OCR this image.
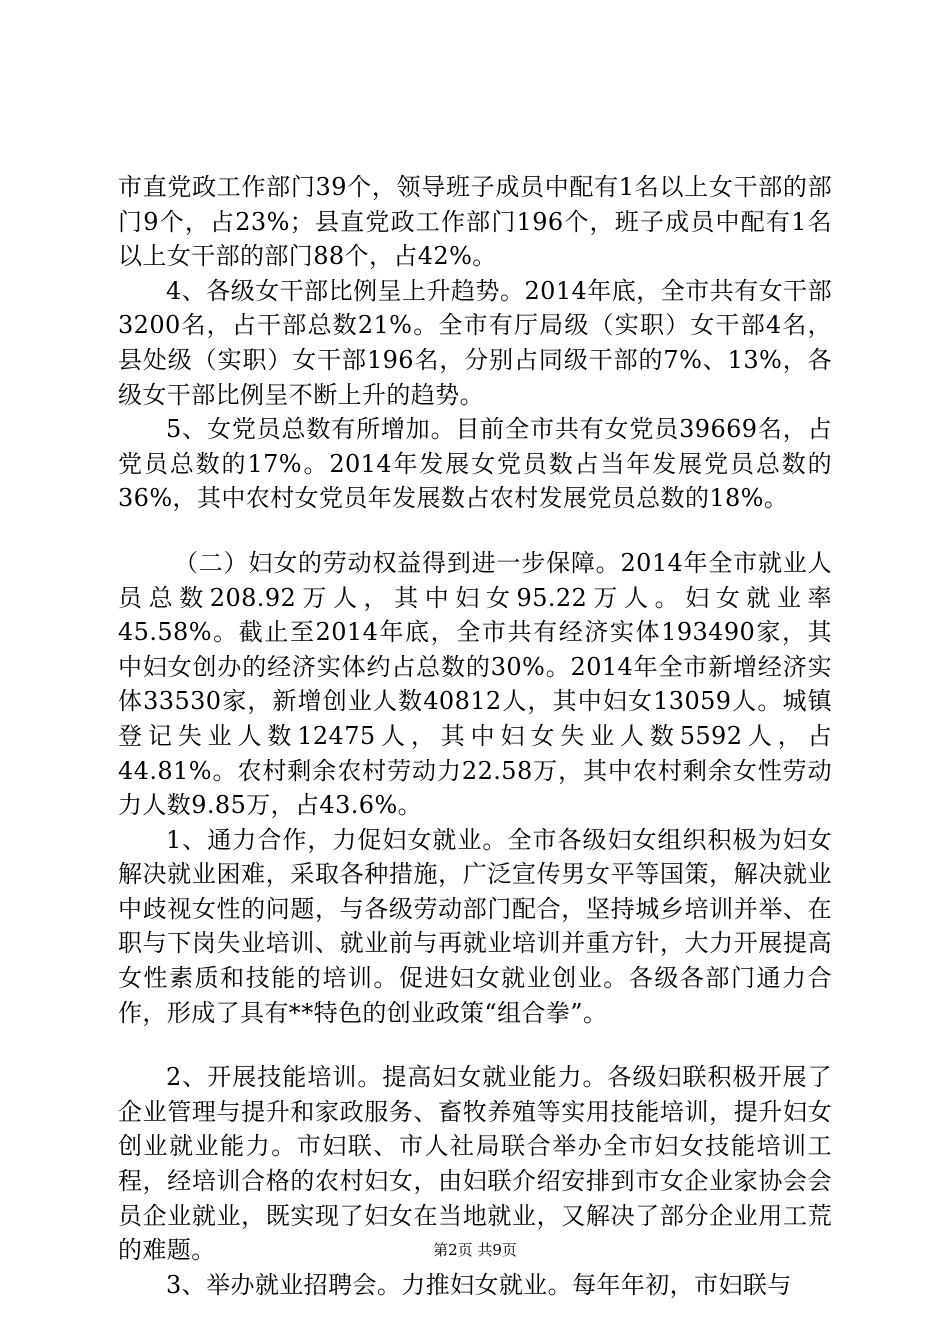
市直党政工作部门39个，领导班子成员中配有1名以上女干部的部门9个，占23%；县直党政工作部门196个，班子成员中配有1名以上女干部的部门88个，占42%。

4、各级女干部比例呈上升趋势。2014年底，全市共有女干部3200名，占干部总数21%。全市有厅局级（实职）女干部4名，县处级（实职）女干部196名，分别占同级干部的7%、13%，各级女干部比例呈不断上升的趋势。

5、女党员总数有所增加。目前全市共有女党员39669名，占党员总数的17%。2014年发展女党员数占当年发展党员总数的36%，其中农村女党员年发展数占农村发展党员总数的18%。

（二）妇女的劳动权益得到进一步保障。2014年全市就业人员总数208.92万人，其中妇女95.22万人。妇女就业率45.58%。截止至2014年底，全市共有经济实体193490家，其中妇女创办的经济实体约占总数的30%。2014年全市新增经济实体33530家，新增创业人数40812人，其中妇女13059人。城镇登记失业人数12475人，其中妇女失业人数5592人，占44.81%。农村剩余农村劳动力22.58万，其中农村剩余女性劳动力人数9.85万，占43.6%。

1、通力合作，力促妇女就业。全市各级妇女组织积极为妇女解决就业困难，采取各种措施，广泛宣传男女平等国策，解决就业中歧视女性的问题，与各级劳动部门配合，坚持城乡培训并举、在职与下岗失业培训、就业前与再就业培训并重方针，大力开展提高女性素质和技能的培训。促进妇女就业创业。各级各部门通力合作，形成了具有**特色的创业政策“组合拳”。

2、开展技能培训。提高妇女就业能力。各级妇联积极开展了企业管理与提升和家政服务、畜牧养殖等实用技能培训，提升妇女创业就业能力。市妇联、市人社局联合举办全市妇女技能培训工程，经培训合格的农村妇女，由妇联介绍安排到市女企业家协会会员企业就业，既实现了妇女在当地就业，又解决了部分企业用工荒的难题。

3、举办就业招聘会。力推妇女就业。每年年初，市妇联与

第2页 共9页
